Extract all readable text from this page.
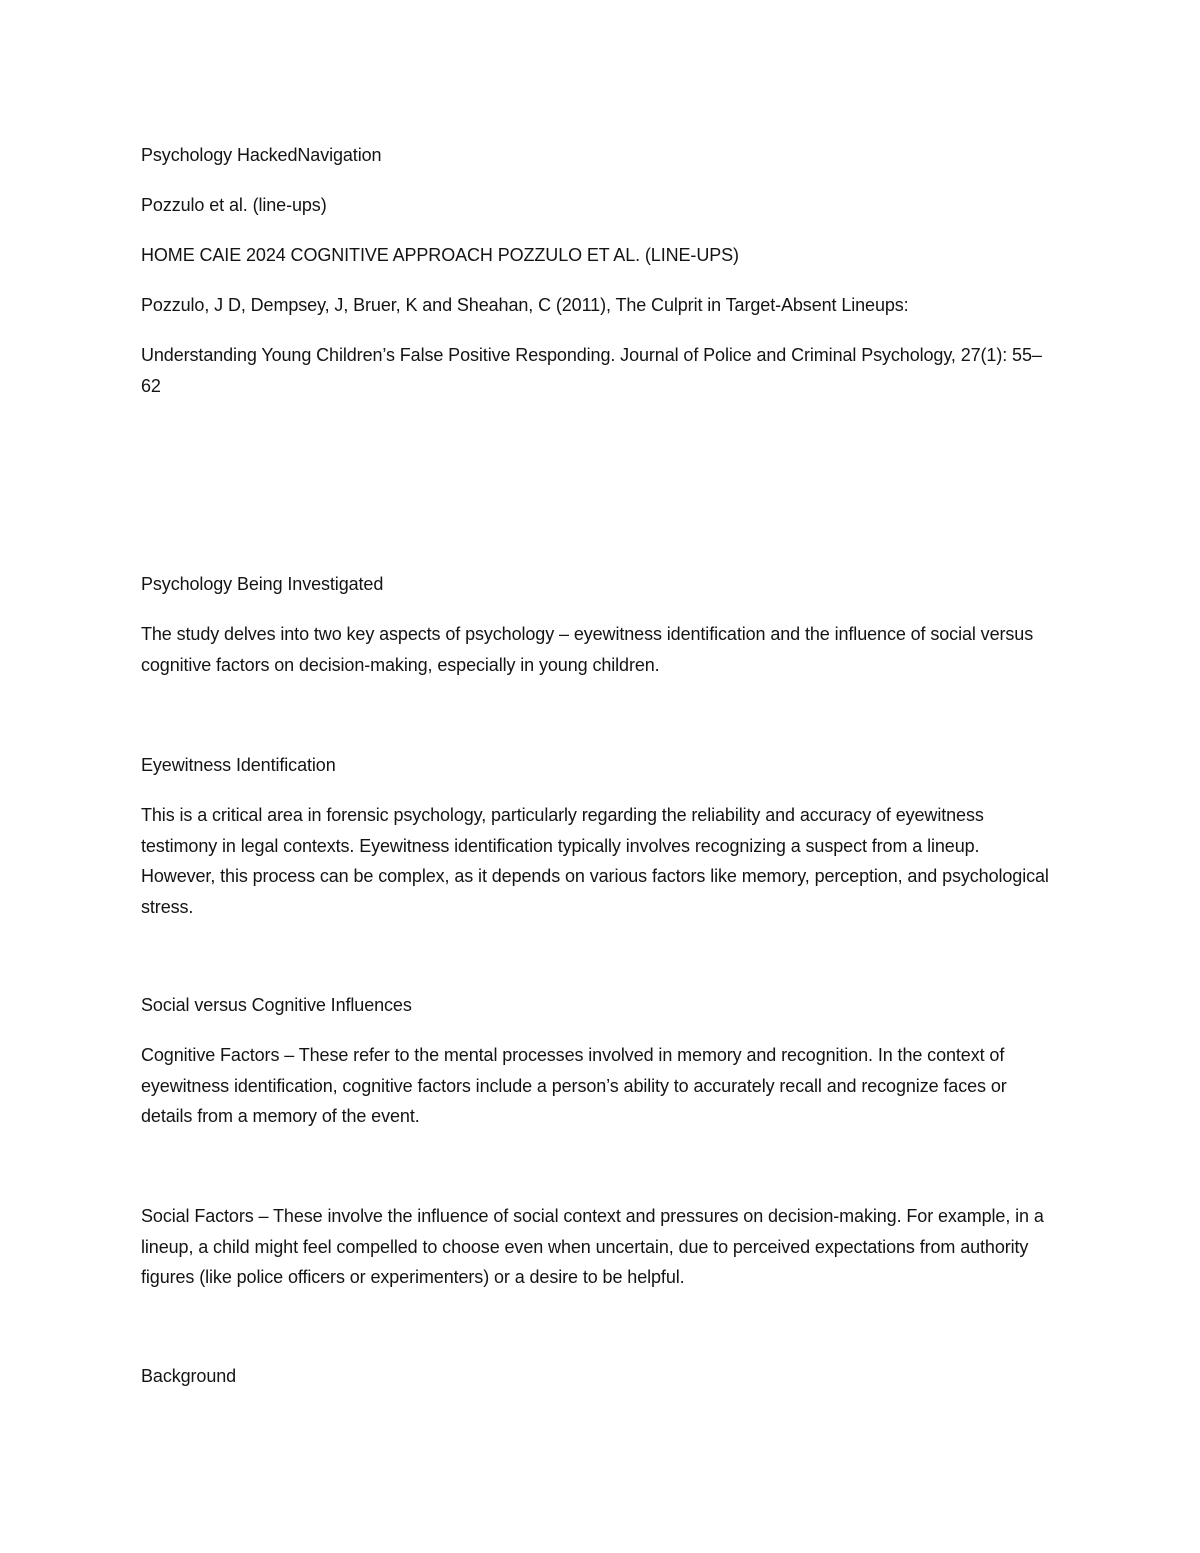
Psychology HackedNavigation

Pozzulo et al. (line-ups)

HOME CAIE 2024 COGNITIVE APPROACH POZZULO ET AL. (LINE-UPS)

Pozzulo, J D, Dempsey, J, Bruer, K and Sheahan, C (2011), The Culprit in Target-Absent Lineups:

Understanding Young Children’s False Positive Responding. Journal of Police and Criminal Psychology, 27(1): 55–62

Psychology Being Investigated

The study delves into two key aspects of psychology – eyewitness identification and the influence of social versus cognitive factors on decision-making, especially in young children.

Eyewitness Identification

This is a critical area in forensic psychology, particularly regarding the reliability and accuracy of eyewitness testimony in legal contexts. Eyewitness identification typically involves recognizing a suspect from a lineup. However, this process can be complex, as it depends on various factors like memory, perception, and psychological stress.

Social versus Cognitive Influences

Cognitive Factors – These refer to the mental processes involved in memory and recognition. In the context of eyewitness identification, cognitive factors include a person’s ability to accurately recall and recognize faces or details from a memory of the event.

Social Factors – These involve the influence of social context and pressures on decision-making. For example, in a lineup, a child might feel compelled to choose even when uncertain, due to perceived expectations from authority figures (like police officers or experimenters) or a desire to be helpful.

Background
